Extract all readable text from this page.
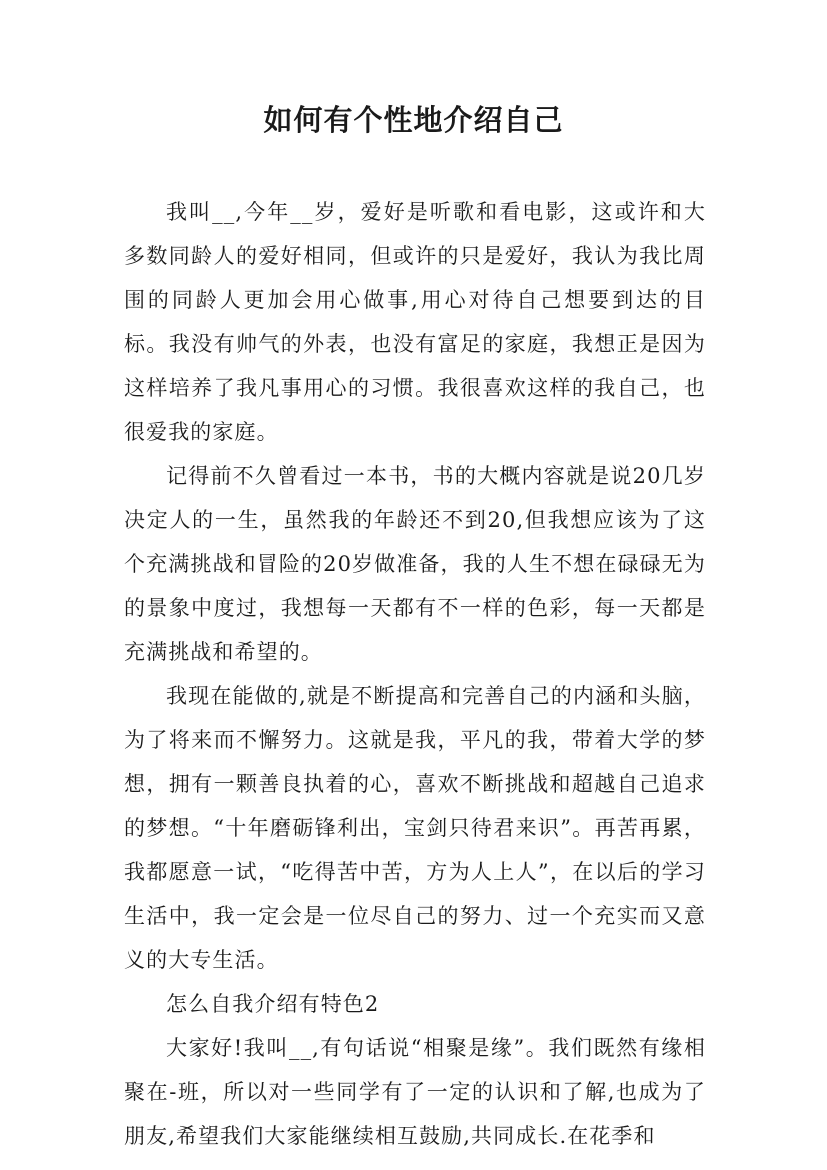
如何有个性地介绍自己

我叫__,今年__岁，爱好是听歌和看电影，这或许和大多数同龄人的爱好相同，但或许的只是爱好，我认为我比周围的同龄人更加会用心做事,用心对待自己想要到达的目标。我没有帅气的外表，也没有富足的家庭，我想正是因为这样培养了我凡事用心的习惯。我很喜欢这样的我自己，也很爱我的家庭。

记得前不久曾看过一本书，书的大概内容就是说20几岁决定人的一生，虽然我的年龄还不到20,但我想应该为了这个充满挑战和冒险的20岁做准备，我的人生不想在碌碌无为的景象中度过，我想每一天都有不一样的色彩，每一天都是充满挑战和希望的。

我现在能做的,就是不断提高和完善自己的内涵和头脑，为了将来而不懈努力。这就是我，平凡的我，带着大学的梦想，拥有一颗善良执着的心，喜欢不断挑战和超越自己追求的梦想。“十年磨砺锋利出，宝剑只待君来识”。再苦再累，我都愿意一试，“吃得苦中苦，方为人上人”，在以后的学习生活中，我一定会是一位尽自己的努力、过一个充实而又意义的大专生活。

怎么自我介绍有特色2

大家好!我叫__,有句话说“相聚是缘”。我们既然有缘相聚在-班，所以对一些同学有了一定的认识和了解,也成为了朋友,希望我们大家能继续相互鼓励,共同成长.在花季和
